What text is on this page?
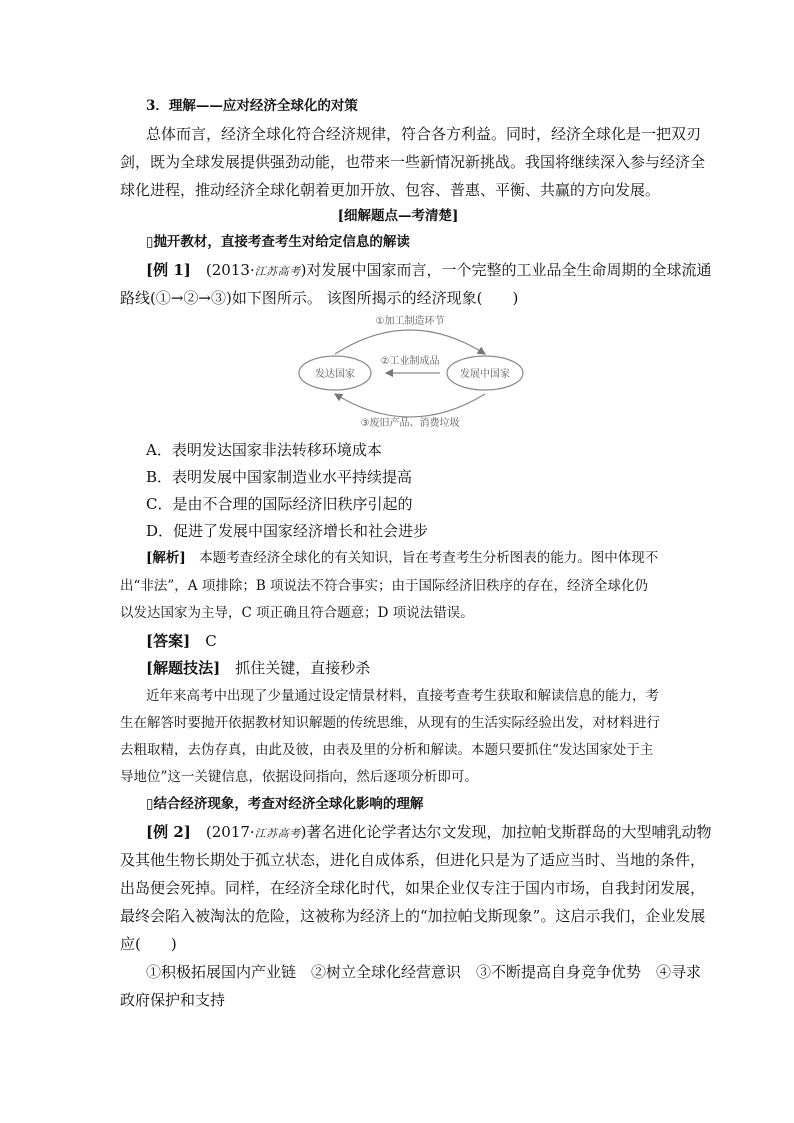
3．理解——应对经济全球化的对策
总体而言，经济全球化符合经济规律，符合各方利益。同时，经济全球化是一把双刃
剑，既为全球发展提供强劲动能，也带来一些新情况新挑战。我国将继续深入参与经济全
球化进程，推动经济全球化朝着更加开放、包容、普惠、平衡、共赢的方向发展。
[细解题点—考清楚]
▯抛开教材，直接考查考生对给定信息的解读
[例 1]　 (2013·江苏高考)对发展中国家而言，一个完整的工业品全生命周期的全球流通
路线(①→②→③)如下图所示。 该图所揭示的经济现象(　　)
发达国家	发展中国家
①加工制造环节
②工业制成品
③废旧产品、消费垃圾
A．表明发达国家非法转移环境成本
B．表明发展中国家制造业水平持续提高
C．是由不合理的国际经济旧秩序引起的
D．促进了发展中国家经济增长和社会进步
[解析]　 本题考查经济全球化的有关知识，旨在考查考生分析图表的能力。图中体现不
出“非法”，A 项排除；B 项说法不符合事实；由于国际经济旧秩序的存在，经济全球化仍
以发达国家为主导，C 项正确且符合题意；D 项说法错误。
[答案]　 C
[解题技法]　 抓住关键，直接秒杀
近年来高考中出现了少量通过设定情景材料，直接考查考生获取和解读信息的能力，考
生在解答时要抛开依据教材知识解题的传统思维，从现有的生活实际经验出发，对材料进行
去粗取精，去伪存真，由此及彼，由表及里的分析和解读。本题只要抓住“发达国家处于主
导地位”这一关键信息，依据设问指向，然后逐项分析即可。
▯结合经济现象，考查对经济全球化影响的理解
[例 2]　 (2017·江苏高考)著名进化论学者达尔文发现，加拉帕戈斯群岛的大型哺乳动物
及其他生物长期处于孤立状态，进化自成体系，但进化只是为了适应当时、当地的条件，
出岛便会死掉。同样，在经济全球化时代，如果企业仅专注于国内市场，自我封闭发展，
最终会陷入被淘汰的危险，这被称为经济上的“加拉帕戈斯现象”。这启示我们，企业发展
应(　　)
①积极拓展国内产业链　②树立全球化经营意识　③不断提高自身竞争优势　④寻求
政府保护和支持
